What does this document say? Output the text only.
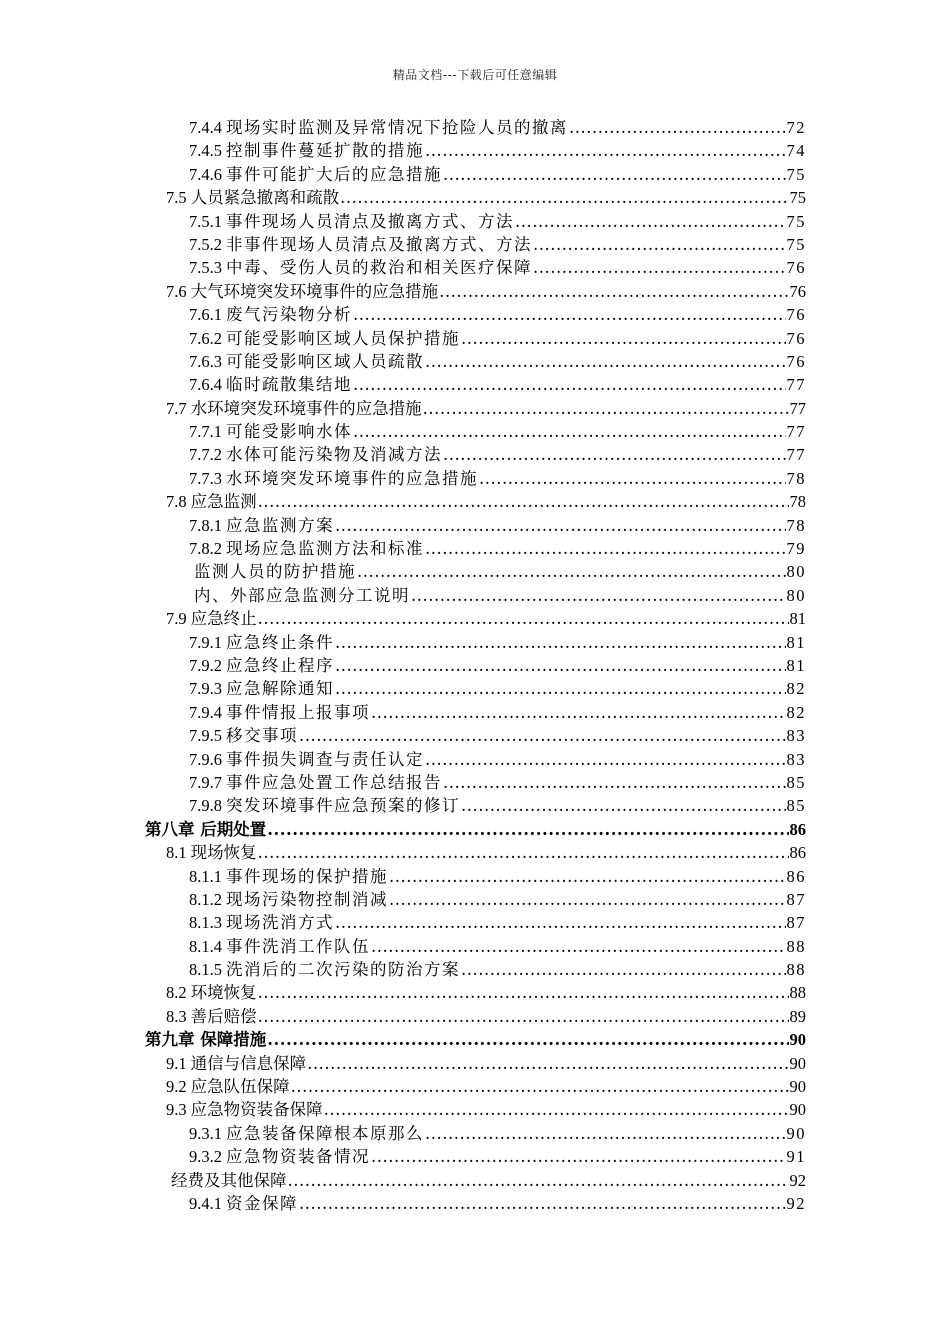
精品文档---下载后可任意编辑
7.4.4 现场实时监测及异常情况下抢险人员的撤离 .....	72
7.4.5 控制事件蔓延扩散的措施 .....	74
7.4.6 事件可能扩大后的应急措施 .....	75
7.5 人员紧急撤离和疏散 .....	75
7.5.1 事件现场人员清点及撤离方式、方法 .....	75
7.5.2 非事件现场人员清点及撤离方式、方法 .....	75
7.5.3 中毒、受伤人员的救治和相关医疗保障 .....	76
7.6 大气环境突发环境事件的应急措施 .....	76
7.6.1 废气污染物分析 .....	76
7.6.2 可能受影响区域人员保护措施 .....	76
7.6.3 可能受影响区域人员疏散 .....	76
7.6.4 临时疏散集结地 .....	77
7.7 水环境突发环境事件的应急措施 .....	77
7.7.1 可能受影响水体 .....	77
7.7.2 水体可能污染物及消减方法 .....	77
7.7.3 水环境突发环境事件的应急措施 .....	78
7.8 应急监测 .....	78
7.8.1 应急监测方案 .....	78
7.8.2 现场应急监测方法和标准 .....	79
监测人员的防护措施 .....	80
内、外部应急监测分工说明 .....	80
7.9 应急终止 .....	81
7.9.1 应急终止条件 .....	81
7.9.2 应急终止程序 .....	81
7.9.3 应急解除通知 .....	82
7.9.4 事件情报上报事项 .....	82
7.9.5 移交事项 .....	83
7.9.6 事件损失调查与责任认定 .....	83
7.9.7 事件应急处置工作总结报告 .....	85
7.9.8 突发环境事件应急预案的修订 .....	85
第八章 后期处置 .....	86
8.1 现场恢复 .....	86
8.1.1 事件现场的保护措施 .....	86
8.1.2 现场污染物控制消减 .....	87
8.1.3 现场洗消方式 .....	87
8.1.4 事件洗消工作队伍 .....	88
8.1.5 洗消后的二次污染的防治方案 .....	88
8.2 环境恢复 .....	88
8.3 善后赔偿 .....	89
第九章 保障措施 .....	90
9.1 通信与信息保障 .....	90
9.2 应急队伍保障 .....	90
9.3 应急物资装备保障 .....	90
9.3.1 应急装备保障根本原那么 .....	90
9.3.2 应急物资装备情况 .....	91
经费及其他保障 .....	92
9.4.1 资金保障 .....	92
